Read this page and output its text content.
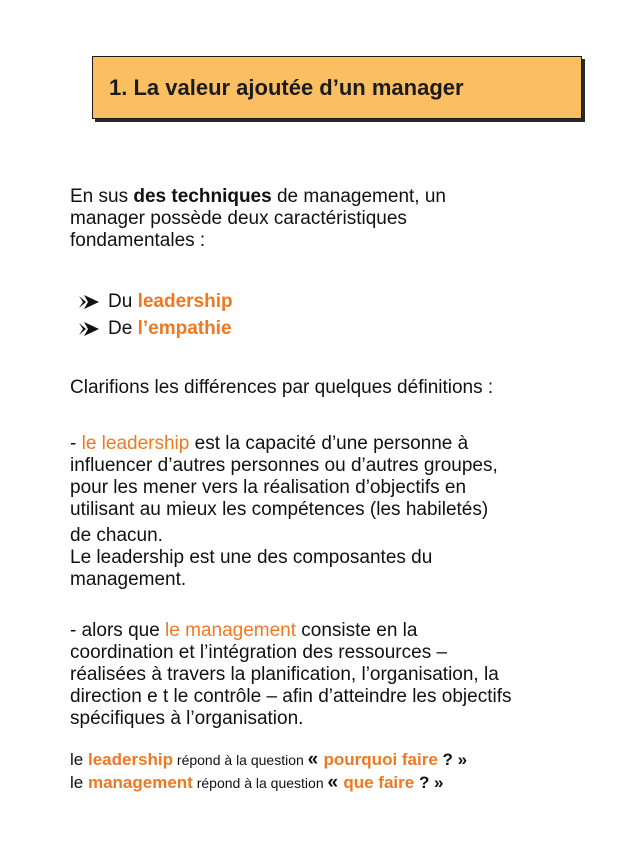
1. La valeur ajoutée d’un manager
En sus des techniques de management, un
manager possède deux caractéristiques
fondamentales :
Du
leadership
De
l’empathie
Clarifions les différences par quelques définitions :
- le leadership est la capacité d’une personne à
influencer d’autres personnes ou d’autres groupes,
pour les mener vers la réalisation d’objectifs en
utilisant au mieux les compétences (les habiletés)
de chacun.
Le leadership est une des composantes du
management.
- alors que le management consiste en la
coordination et l’intégration des ressources –
réalisées à travers la planification, l’organisation, la
direction e t le contrôle – afin d’atteindre les objectifs
spécifiques à l’organisation.
le leadership répond à la question « pourquoi faire ? »
le management répond à la question « que faire ? »
